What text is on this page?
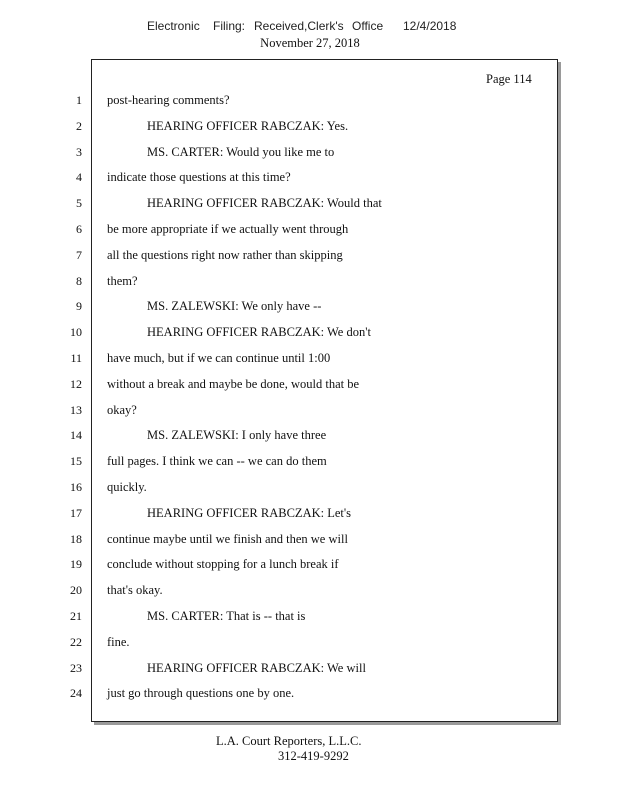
Electronic Filing: Received,Clerk's Office 12/4/2018
November 27, 2018
Page 114
1 post-hearing comments?
2	HEARING OFFICER RABCZAK: Yes.
3	MS. CARTER: Would you like me to
4 indicate those questions at this time?
5	HEARING OFFICER RABCZAK: Would that
6 be more appropriate if we actually went through
7 all the questions right now rather than skipping
8 them?
9	MS. ZALEWSKI: We only have --
10	HEARING OFFICER RABCZAK: We don't
11 have much, but if we can continue until 1:00
12 without a break and maybe be done, would that be
13 okay?
14	MS. ZALEWSKI: I only have three
15 full pages. I think we can -- we can do them
16 quickly.
17	HEARING OFFICER RABCZAK: Let's
18 continue maybe until we finish and then we will
19 conclude without stopping for a lunch break if
20 that's okay.
21	MS. CARTER: That is -- that is
22 fine.
23	HEARING OFFICER RABCZAK: We will
24 just go through questions one by one.
L.A. Court Reporters, L.L.C.
312-419-9292
